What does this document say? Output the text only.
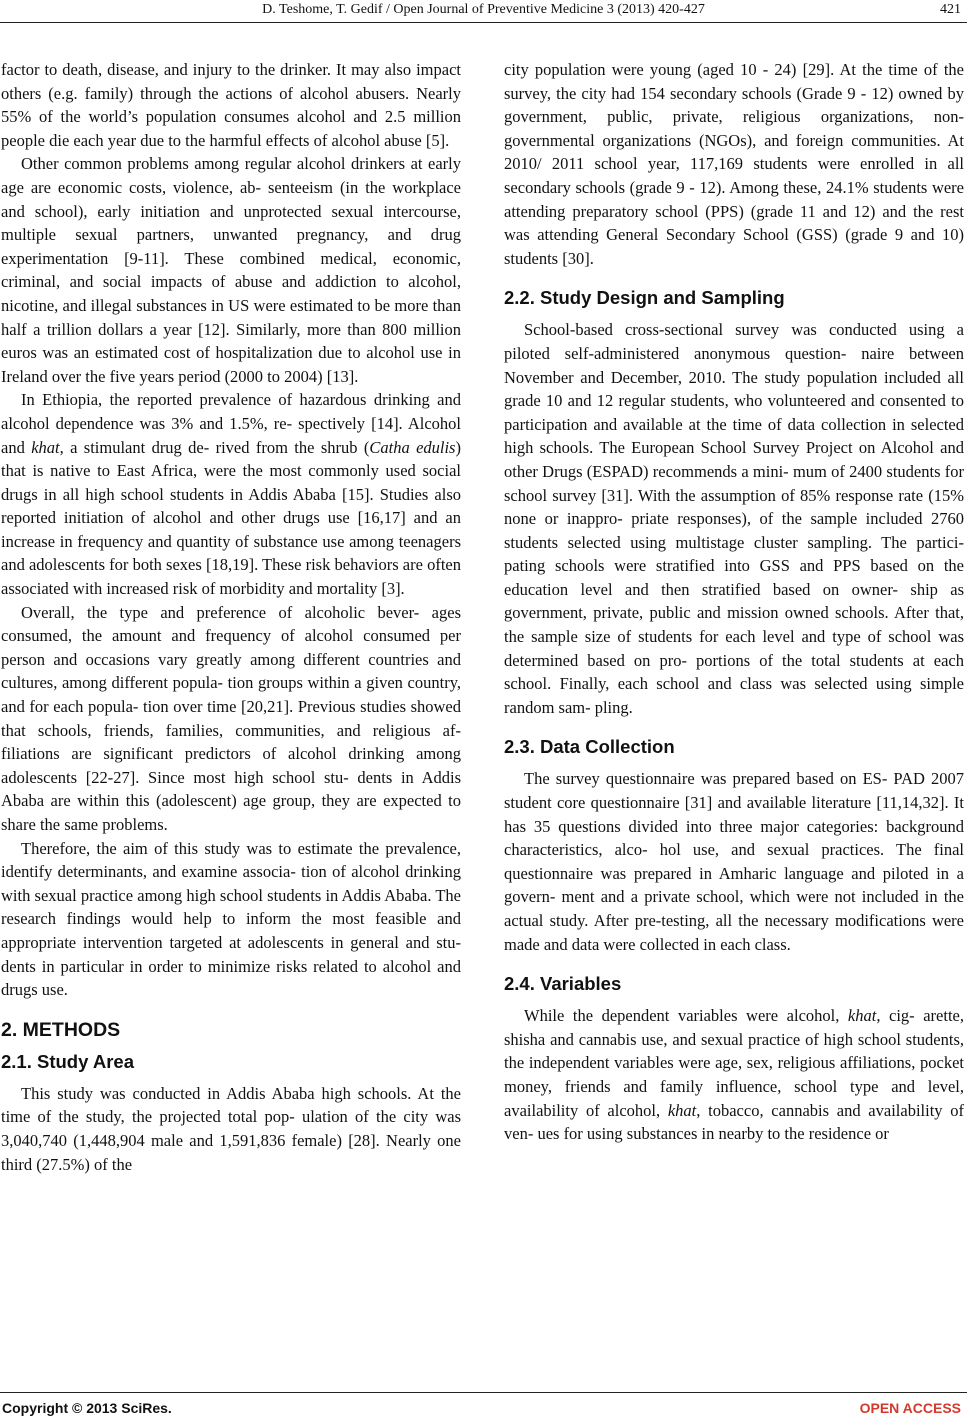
D. Teshome, T. Gedif / Open Journal of Preventive Medicine 3 (2013) 420-427	421

factor to death, disease, and injury to the drinker. It may also impact others (e.g. family) through the actions of alcohol abusers. Nearly 55% of the world’s population consumes alcohol and 2.5 million people die each year due to the harmful effects of alcohol abuse [5].

Other common problems among regular alcohol drinkers at early age are economic costs, violence, ab- senteeism (in the workplace and school), early initiation and unprotected sexual intercourse, multiple sexual partners, unwanted pregnancy, and drug experimentation [9-11]. These combined medical, economic, criminal, and social impacts of abuse and addiction to alcohol, nicotine, and illegal substances in US were estimated to be more than half a trillion dollars a year [12]. Similarly, more than 800 million euros was an estimated cost of hospitalization due to alcohol use in Ireland over the five years period (2000 to 2004) [13].

In Ethiopia, the reported prevalence of hazardous drinking and alcohol dependence was 3% and 1.5%, re- spectively [14]. Alcohol and khat, a stimulant drug de- rived from the shrub (Catha edulis) that is native to East Africa, were the most commonly used social drugs in all high school students in Addis Ababa [15]. Studies also reported initiation of alcohol and other drugs use [16,17] and an increase in frequency and quantity of substance use among teenagers and adolescents for both sexes [18,19]. These risk behaviors are often associated with increased risk of morbidity and mortality [3].

Overall, the type and preference of alcoholic bever- ages consumed, the amount and frequency of alcohol consumed per person and occasions vary greatly among different countries and cultures, among different popula- tion groups within a given country, and for each popula- tion over time [20,21]. Previous studies showed that schools, friends, families, communities, and religious af- filiations are significant predictors of alcohol drinking among adolescents [22-27]. Since most high school stu- dents in Addis Ababa are within this (adolescent) age group, they are expected to share the same problems.

Therefore, the aim of this study was to estimate the prevalence, identify determinants, and examine associa- tion of alcohol drinking with sexual practice among high school students in Addis Ababa. The research findings would help to inform the most feasible and appropriate intervention targeted at adolescents in general and stu- dents in particular in order to minimize risks related to alcohol and drugs use.

2. METHODS
2.1. Study Area

This study was conducted in Addis Ababa high schools. At the time of the study, the projected total pop- ulation of the city was 3,040,740 (1,448,904 male and 1,591,836 female) [28]. Nearly one third (27.5%) of the

city population were young (aged 10 - 24) [29]. At the time of the survey, the city had 154 secondary schools (Grade 9 - 12) owned by government, public, private, religious organizations, non-governmental organizations (NGOs), and foreign communities. At 2010/ 2011 school year, 117,169 students were enrolled in all secondary schools (grade 9 - 12). Among these, 24.1% students were attending preparatory school (PPS) (grade 11 and 12) and the rest was attending General Secondary School (GSS) (grade 9 and 10) students [30].

2.2. Study Design and Sampling

School-based cross-sectional survey was conducted using a piloted self-administered anonymous question- naire between November and December, 2010. The study population included all grade 10 and 12 regular students, who volunteered and consented to participation and available at the time of data collection in selected high schools. The European School Survey Project on Alcohol and other Drugs (ESPAD) recommends a mini- mum of 2400 students for school survey [31]. With the assumption of 85% response rate (15% none or inappro- priate responses), of the sample included 2760 students selected using multistage cluster sampling. The partici- pating schools were stratified into GSS and PPS based on the education level and then stratified based on owner- ship as government, private, public and mission owned schools. After that, the sample size of students for each level and type of school was determined based on pro- portions of the total students at each school. Finally, each school and class was selected using simple random sam- pling.

2.3. Data Collection

The survey questionnaire was prepared based on ES- PAD 2007 student core questionnaire [31] and available literature [11,14,32]. It has 35 questions divided into three major categories: background characteristics, alco- hol use, and sexual practices. The final questionnaire was prepared in Amharic language and piloted in a govern- ment and a private school, which were not included in the actual study. After pre-testing, all the necessary modifications were made and data were collected in each class.

2.4. Variables

While the dependent variables were alcohol, khat, cig- arette, shisha and cannabis use, and sexual practice of high school students, the independent variables were age, sex, religious affiliations, pocket money, friends and family influence, school type and level, availability of alcohol, khat, tobacco, cannabis and availability of ven- ues for using substances in nearby to the residence or

Copyright © 2013 SciRes.	OPEN ACCESS
